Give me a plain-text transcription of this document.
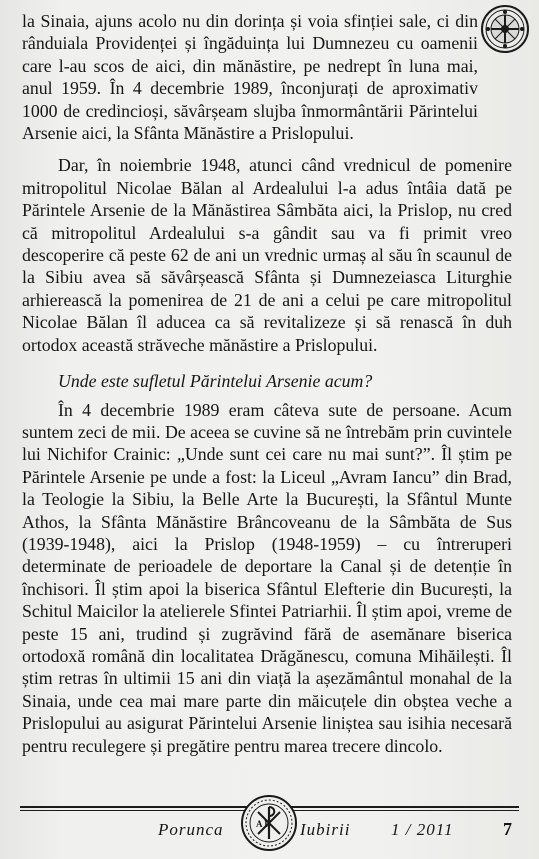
la Sinaia, ajuns acolo nu din dorința și voia sfinției sale, ci din rânduiala Providenței și îngăduința lui Dumnezeu cu oamenii care l-au scos de aici, din mănăstire, pe nedrept în luna mai, anul 1959. În 4 decembrie 1989, înconjurați de aproximativ 1000 de credincioși, săvârșeam slujba înmormântării Părintelui Arsenie aici, la Sfânta Mănăstire a Prislopului.

Dar, în noiembrie 1948, atunci când vrednicul de pomenire mitropolitul Nicolae Bălan al Ardealului l-a adus întâia dată pe Părintele Arsenie de la Mănăstirea Sâmbăta aici, la Prislop, nu cred că mitropolitul Ardealului s-a gândit sau va fi primit vreo descoperire că peste 62 de ani un vrednic urmaș al său în scaunul de la Sibiu avea să săvârșească Sfânta și Dumnezeiasca Liturghie arhierească la pomenirea de 21 de ani a celui pe care mitropolitul Nicolae Bălan îl aducea ca să revitalizeze și să renască în duh ortodox această străveche mănăstire a Prislopului.

Unde este sufletul Părintelui Arsenie acum?

În 4 decembrie 1989 eram câteva sute de persoane. Acum suntem zeci de mii. De aceea se cuvine să ne întrebăm prin cuvintele lui Nichifor Crainic: „Unde sunt cei care nu mai sunt?”. Îl știm pe Părintele Arsenie pe unde a fost: la Liceul „Avram Iancu” din Brad, la Teologie la Sibiu, la Belle Arte la București, la Sfântul Munte Athos, la Sfânta Mănăstire Brâncoveanu de la Sâmbăta de Sus (1939-1948), aici la Prislop (1948-1959) – cu întreruperi determinate de perioadele de deportare la Canal și de detenție în închisori. Îl știm apoi la biserica Sfântul Elefterie din București, la Schitul Maicilor la atelierele Sfintei Patriarhii. Îl știm apoi, vreme de peste 15 ani, trudind și zugrăvind fără de asemănare biserica ortodoxă română din localitatea Drăgănescu, comuna Mihăilești. Îl știm retras în ultimii 15 ani din viață la așezământul monahal de la Sinaia, unde cea mai mare parte din măicuțele din obștea veche a Prislopului au asigurat Părintelui Arsenie liniștea sau isihia necesară pentru reculegere și pregătire pentru marea trecere dincolo.

A P
Porunca	Iubirii 1 / 2011	7
